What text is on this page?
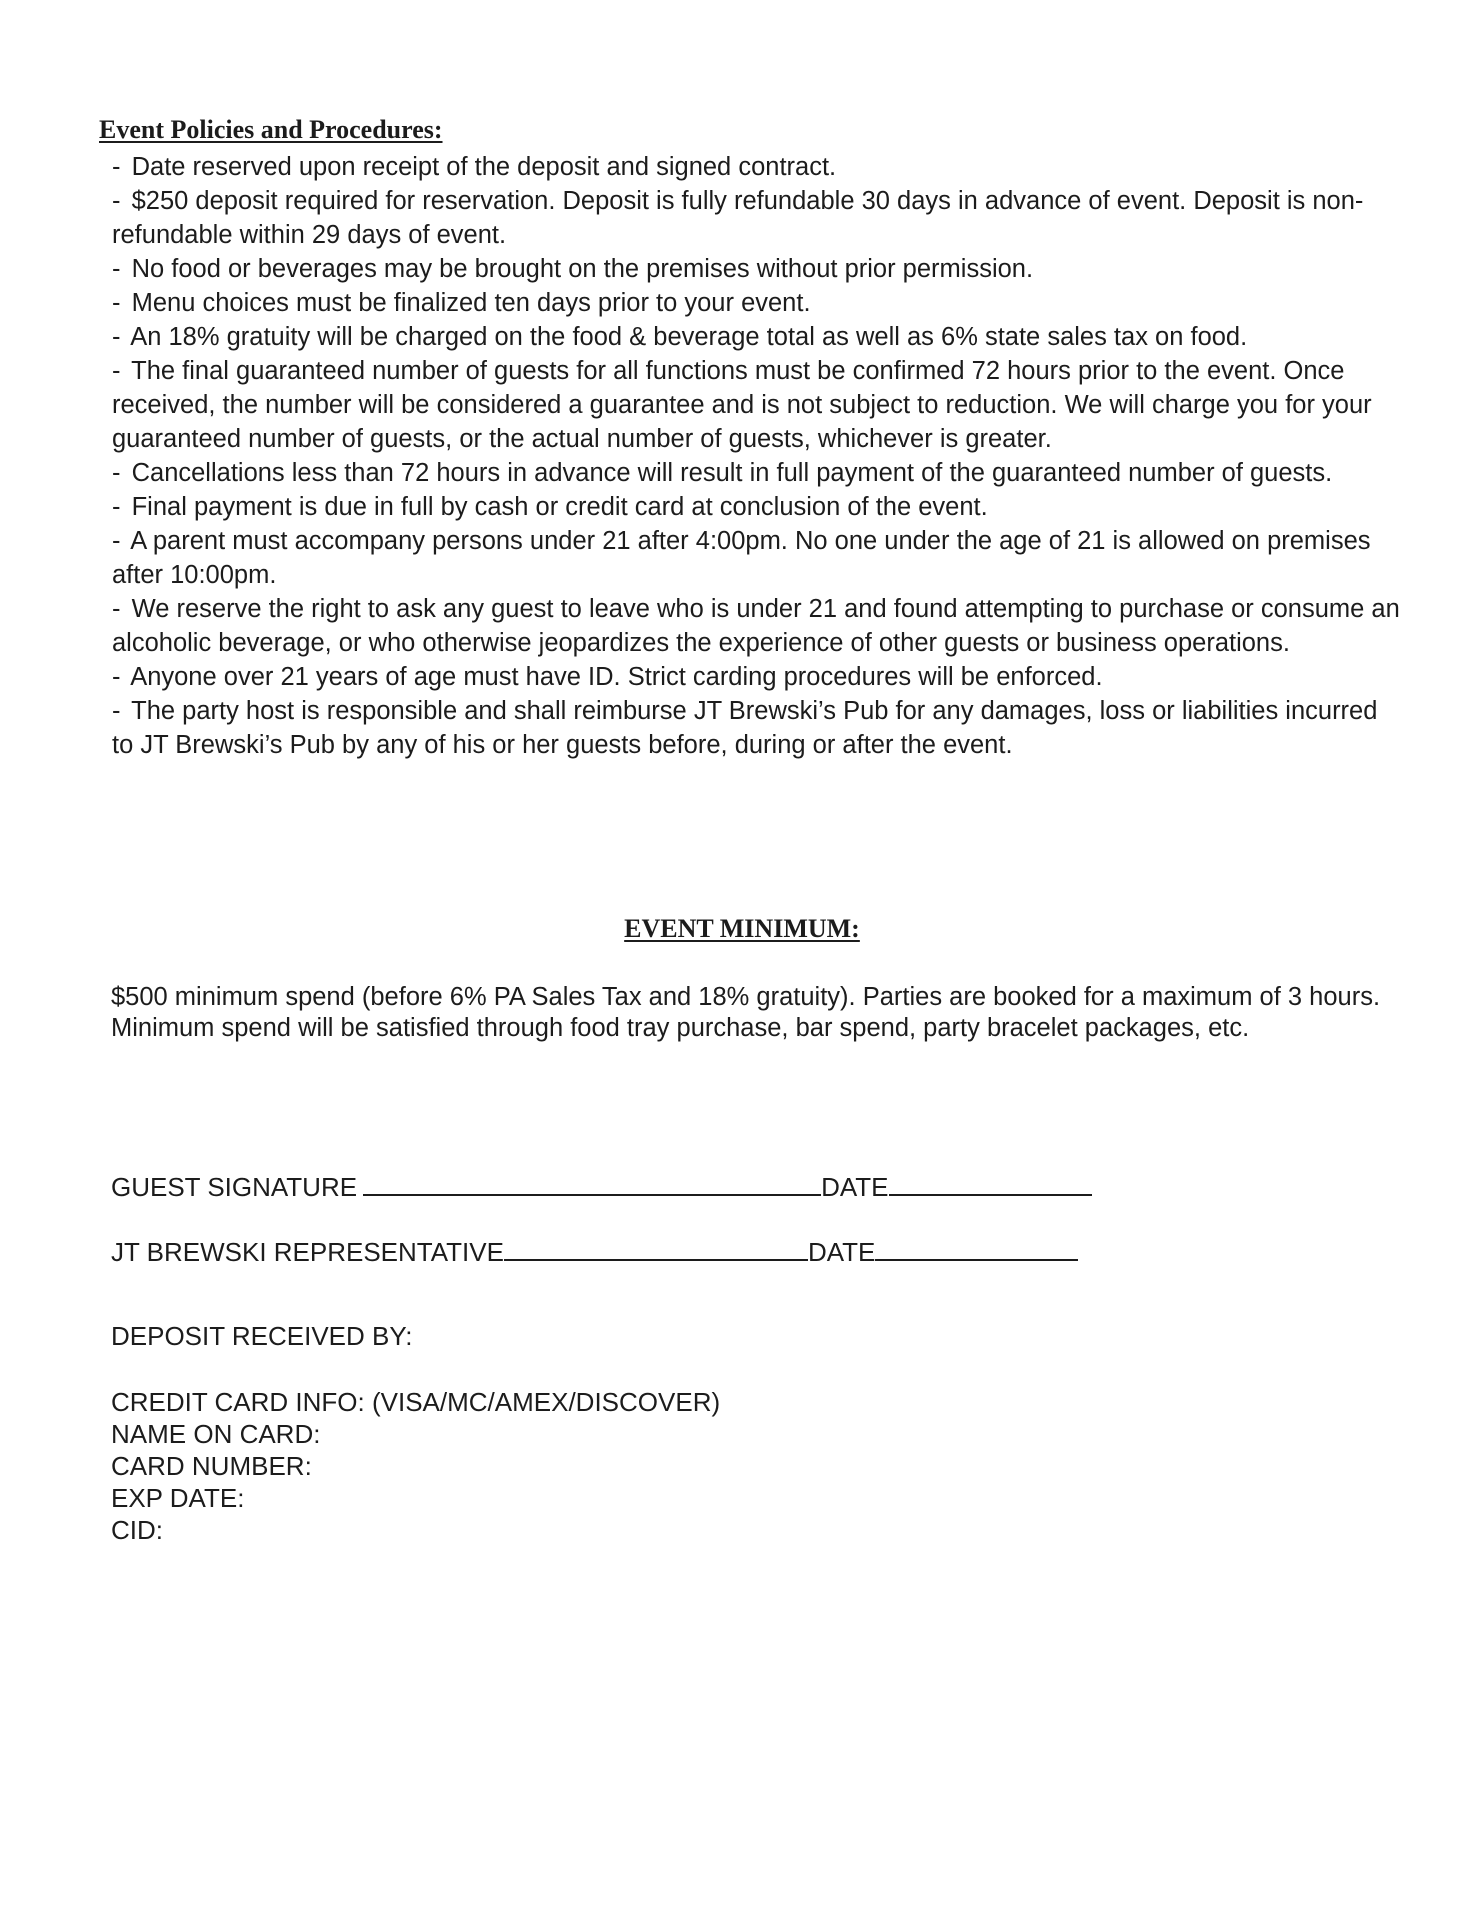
Event Policies and Procedures:
- Date reserved upon receipt of the deposit and signed contract.
- $250 deposit required for reservation. Deposit is fully refundable 30 days in advance of event. Deposit is non-refundable within 29 days of event.
- No food or beverages may be brought on the premises without prior permission.
- Menu choices must be finalized ten days prior to your event.
- An 18% gratuity will be charged on the food & beverage total as well as 6% state sales tax on food.
- The final guaranteed number of guests for all functions must be confirmed 72 hours prior to the event. Once received, the number will be considered a guarantee and is not subject to reduction. We will charge you for your guaranteed number of guests, or the actual number of guests, whichever is greater.
- Cancellations less than 72 hours in advance will result in full payment of the guaranteed number of guests.
- Final payment is due in full by cash or credit card at conclusion of the event.
- A parent must accompany persons under 21 after 4:00pm. No one under the age of 21 is allowed on premises after 10:00pm.
- We reserve the right to ask any guest to leave who is under 21 and found attempting to purchase or consume an alcoholic beverage, or who otherwise jeopardizes the experience of other guests or business operations.
- Anyone over 21 years of age must have ID. Strict carding procedures will be enforced.
- The party host is responsible and shall reimburse JT Brewski’s Pub for any damages, loss or liabilities incurred to JT Brewski’s Pub by any of his or her guests before, during or after the event.
EVENT MINIMUM:

$500 minimum spend (before 6% PA Sales Tax and 18% gratuity). Parties are booked for a maximum of 3 hours. Minimum spend will be satisfied through food tray purchase, bar spend, party bracelet packages, etc.

GUEST SIGNATURE	DATE
JT BREWSKI REPRESENTATIVE	DATE

DEPOSIT RECEIVED BY:

CREDIT CARD INFO: (VISA/MC/AMEX/DISCOVER)
NAME ON CARD:
CARD NUMBER:
EXP DATE:
CID:
